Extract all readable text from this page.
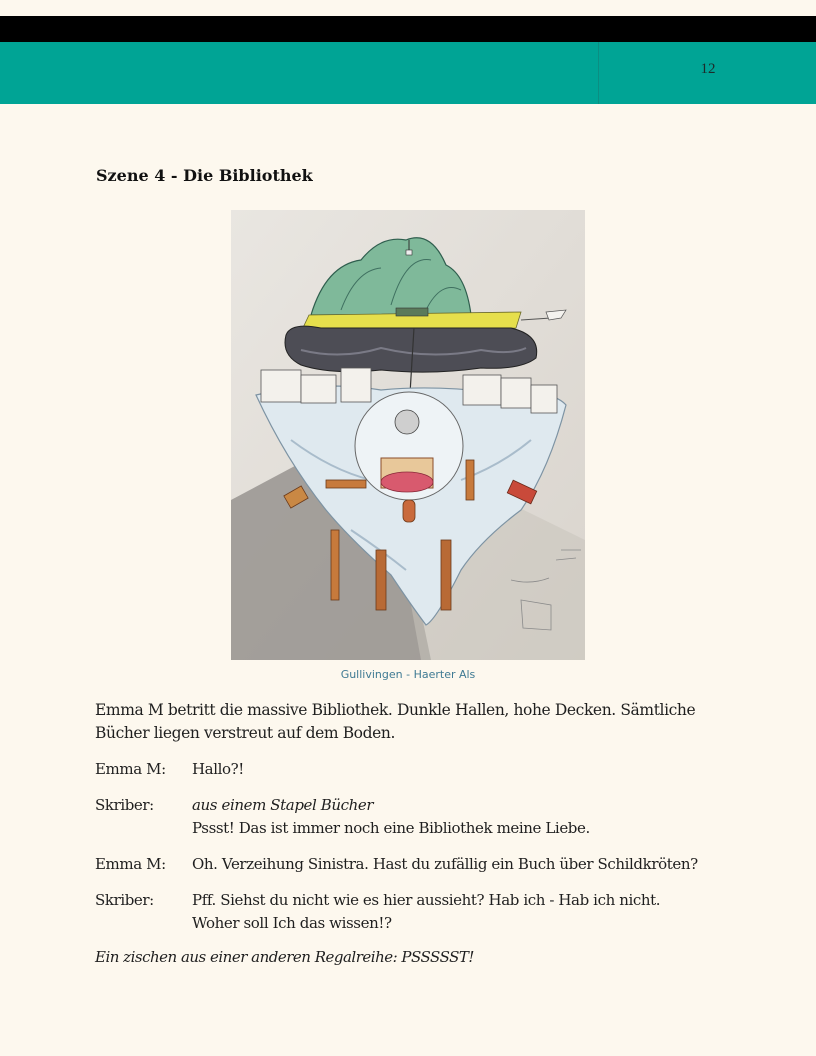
12
Szene 4 - Die Bibliothek
Gullivingen - Haerter Als

Emma M betritt die massive Bibliothek. Dunkle Hallen, hohe Decken. Sämtliche Bücher liegen verstreut auf dem Boden.

Emma M: Hallo?!
Skriber:	aus einem Stapel Bücher
Pssst! Das ist immer noch eine Bibliothek meine Liebe.
Emma M: Oh. Verzeihung Sinistra. Hast du zufällig ein Buch über Schildkröten?
Skriber:	Pff. Siehst du nicht wie es hier aussieht? Hab ich - Hab ich nicht. Woher soll Ich das wissen!?

Ein zischen aus einer anderen Regalreihe: PSSSSST!
